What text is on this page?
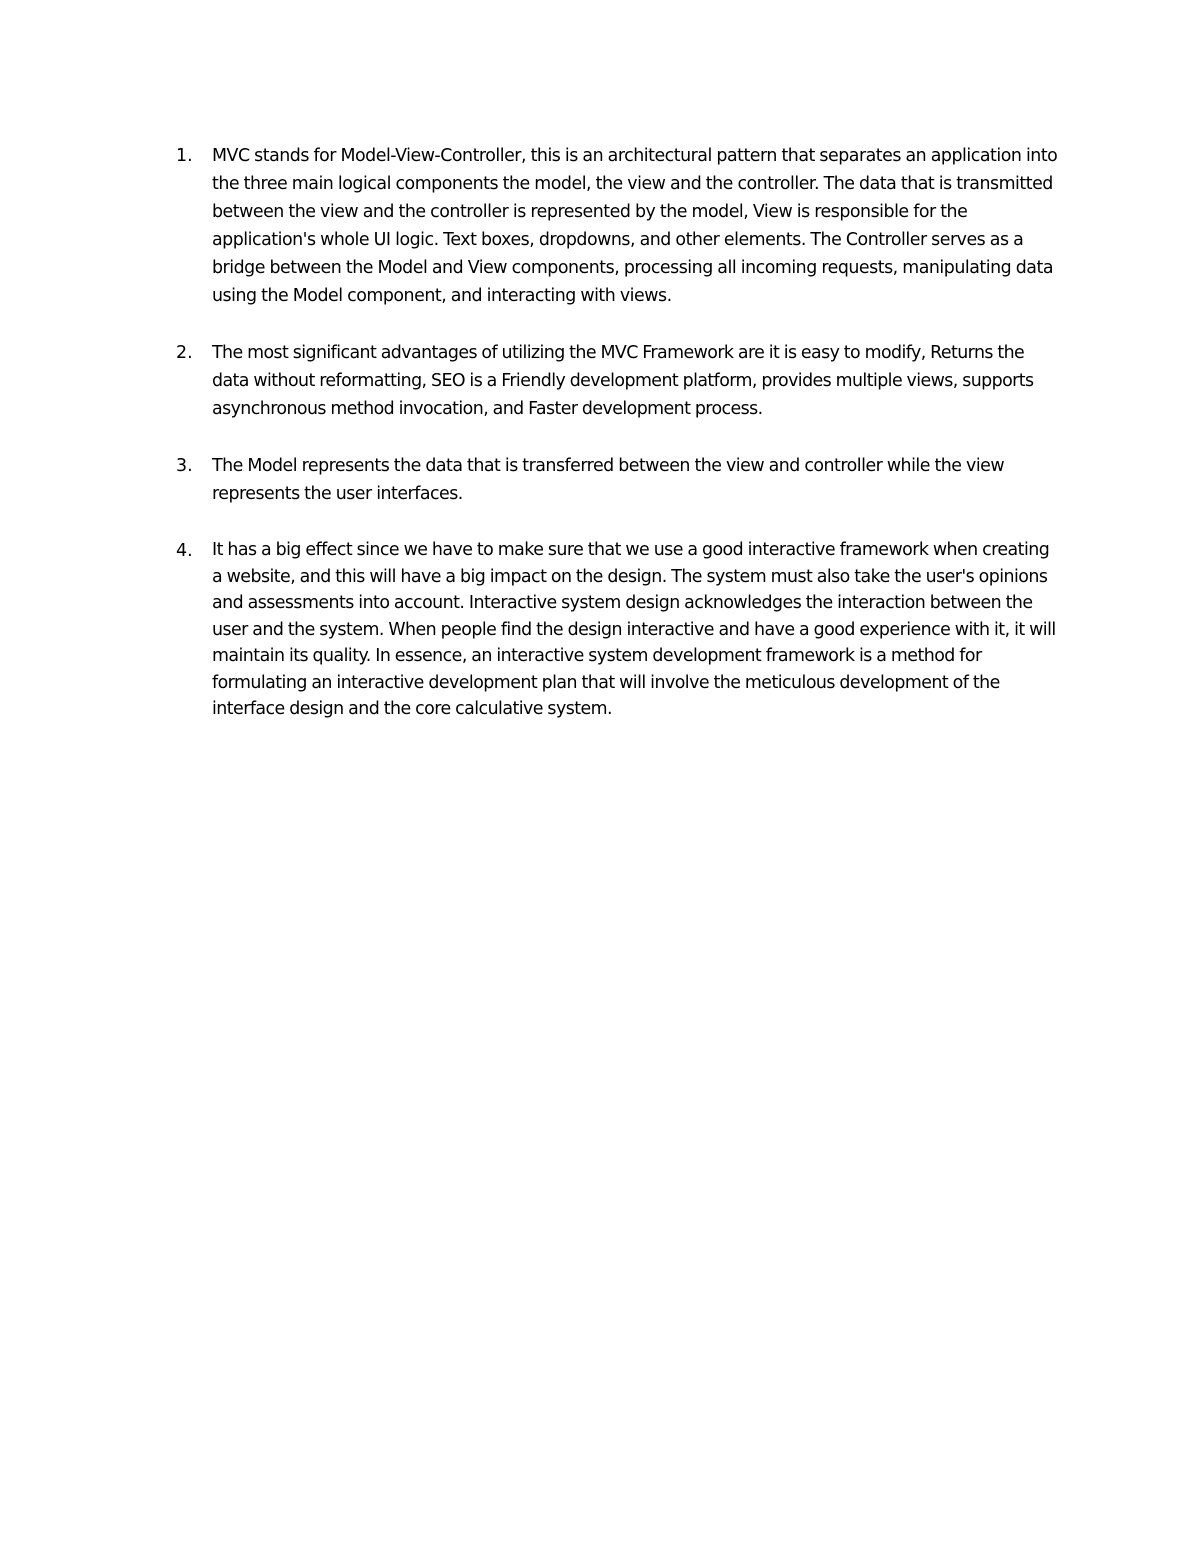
1. MVC stands for Model-View-Controller, this is an architectural pattern that separates an application into the three main logical components the model, the view and the controller. The data that is transmitted between the view and the controller is represented by the model, View is responsible for the application's whole UI logic. Text boxes, dropdowns, and other elements. The Controller serves as a bridge between the Model and View components, processing all incoming requests, manipulating data using the Model component, and interacting with views.
2. The most significant advantages of utilizing the MVC Framework are it is easy to modify, Returns the data without reformatting, SEO is a Friendly development platform, provides multiple views, supports asynchronous method invocation, and Faster development process.
3. The Model represents the data that is transferred between the view and controller while the view represents the user interfaces.
4. It has a big effect since we have to make sure that we use a good interactive framework when creating a website, and this will have a big impact on the design. The system must also take the user's opinions and assessments into account. Interactive system design acknowledges the interaction between the user and the system. When people find the design interactive and have a good experience with it, it will maintain its quality. In essence, an interactive system development framework is a method for formulating an interactive development plan that will involve the meticulous development of the interface design and the core calculative system.
